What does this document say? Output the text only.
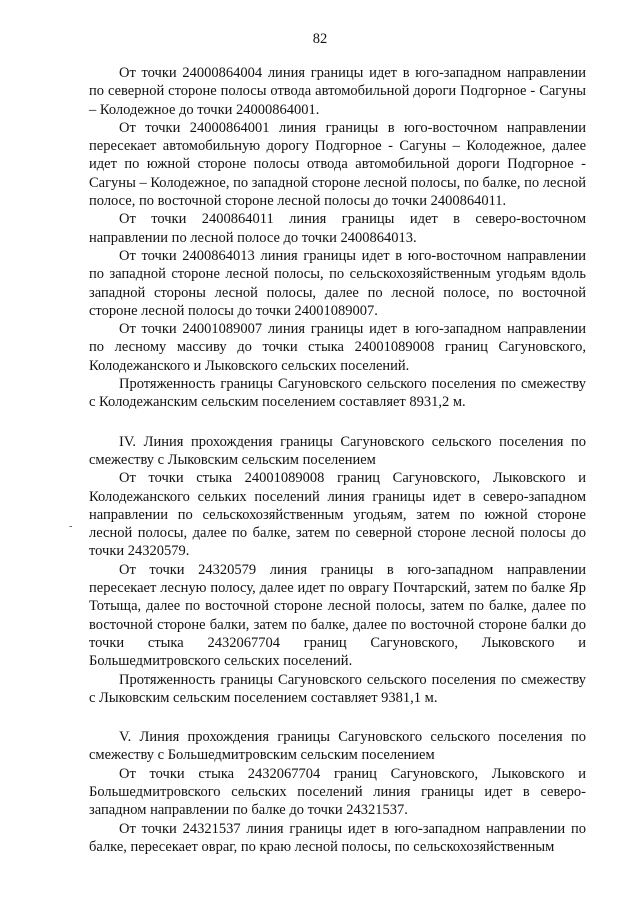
82
-

От точки 24000864004 линия границы идет в юго-западном направлении по северной стороне полосы отвода автомобильной дороги Подгорное - Сагуны – Колодежное до точки 24000864001.

От точки 24000864001 линия границы в юго-восточном направлении пересекает автомобильную дорогу Подгорное - Сагуны – Колодежное, далее идет по южной стороне полосы отвода автомобильной дороги Подгорное - Сагуны – Колодежное, по западной стороне лесной полосы, по балке, по лесной полосе, по восточной стороне лесной полосы до точки 2400864011.

От точки 2400864011 линия границы идет в северо-восточном направлении по лесной полосе до точки 2400864013.

От точки 2400864013 линия границы идет в юго-восточном направлении по западной стороне лесной полосы, по сельскохозяйственным угодьям вдоль западной стороны лесной полосы, далее по лесной полосе, по восточной стороне лесной полосы до точки 24001089007.

От точки 24001089007 линия границы идет в юго-западном направлении по лесному массиву до точки стыка 24001089008 границ Сагуновского, Колодежанского и Лыковского сельских поселений.

Протяженность границы Сагуновского сельского поселения по смежеству с Колодежанским сельским поселением составляет 8931,2 м.

IV. Линия прохождения границы Сагуновского сельского поселения по смежеству с Лыковским сельским поселением

От точки стыка 24001089008 границ Сагуновского, Лыковского и Колодежанского сельких поселений линия границы идет в северо-западном направлении по сельскохозяйственным угодьям, затем по южной стороне лесной полосы, далее по балке, затем по северной стороне лесной полосы до точки 24320579.

От точки 24320579 линия границы в юго-западном направлении пересекает лесную полосу, далее идет по оврагу Почтарский, затем по балке Яр Тотыща, далее по восточной стороне лесной полосы, затем по балке, далее по восточной стороне балки, затем по балке, далее по восточной стороне балки до точки стыка 2432067704 границ Сагуновского, Лыковского и Большедмитровского сельских поселений.

Протяженность границы Сагуновского сельского поселения по смежеству с Лыковским сельским поселением составляет 9381,1 м.

V. Линия прохождения границы Сагуновского сельского поселения по смежеству с Большедмитровским сельским поселением

От точки стыка 2432067704 границ Сагуновского, Лыковского и Большедмитровского сельских поселений линия границы идет в северо-западном направлении по балке до точки 24321537.

От точки 24321537 линия границы идет в юго-западном направлении по балке, пересекает овраг, по краю лесной полосы, по сельскохозяйственным
